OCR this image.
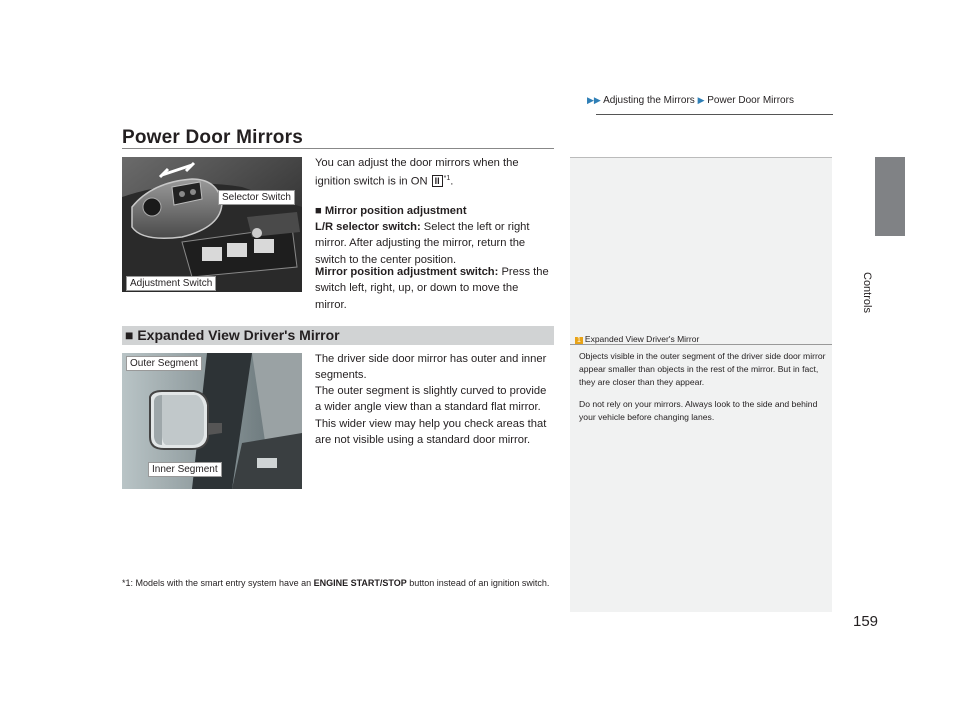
▶▶ Adjusting the Mirrors ▶ Power Door Mirrors
Controls
Power Door Mirrors
Selector Switch
Adjustment Switch
You can adjust the door mirrors when the ignition switch is in ON II $^{*1}$.
■ Mirror position adjustment
L/R selector switch: Select the left or right mirror. After adjusting the mirror, return the switch to the center position.
Mirror position adjustment switch: Press the switch left, right, up, or down to move the mirror.
■ Expanded View Driver's Mirror
Outer Segment
Inner Segment
The driver side door mirror has outer and inner segments.
The outer segment is slightly curved to provide a wider angle view than a standard flat mirror. This wider view may help you check areas that are not visible using a standard door mirror.
1 Expanded View Driver's Mirror

Objects visible in the outer segment of the driver side door mirror appear smaller than objects in the rest of the mirror. But in fact, they are closer than they appear.

Do not rely on your mirrors. Always look to the side and behind your vehicle before changing lanes.

*1: Models with the smart entry system have an ENGINE START/STOP button instead of an ignition switch.
159
